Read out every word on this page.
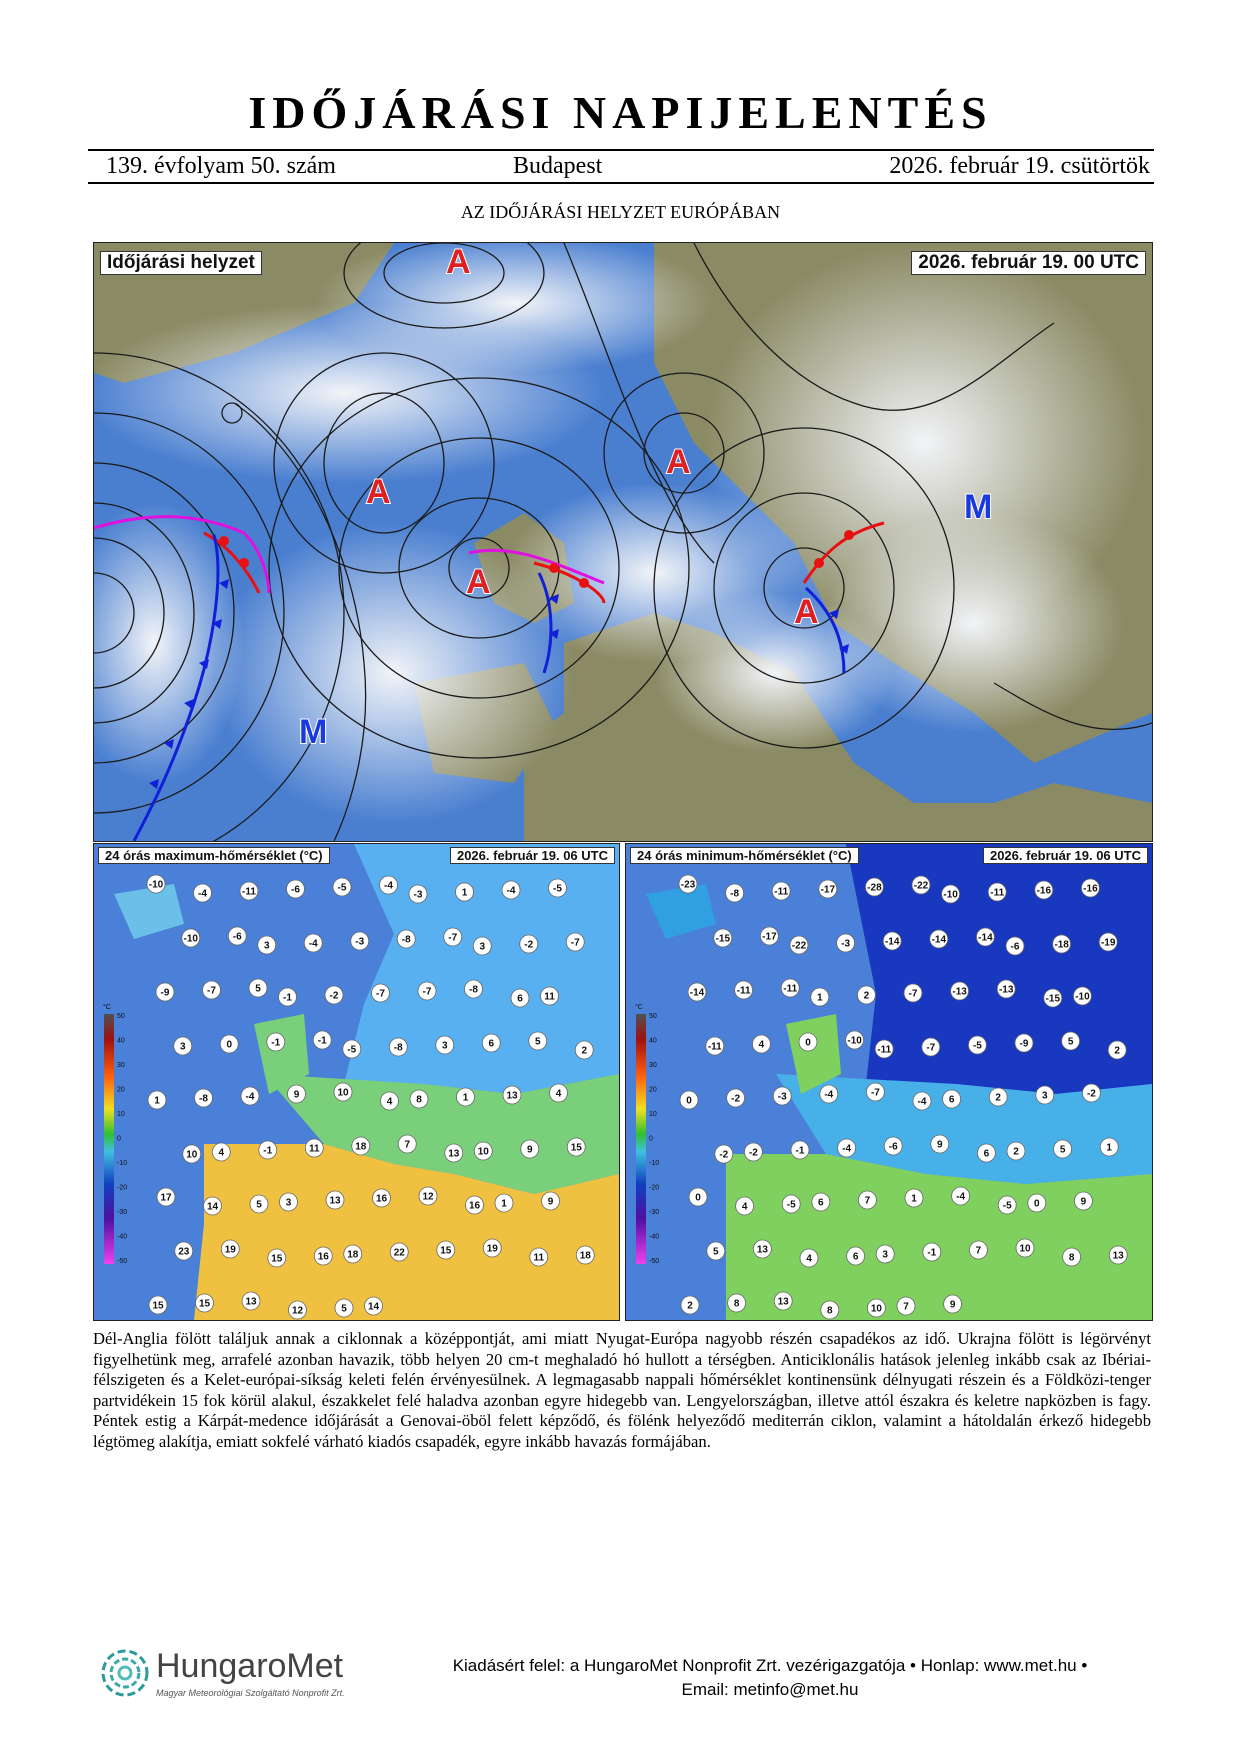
IDŐJÁRÁSI NAPIJELENTÉS
139. évfolyam 50. szám	Budapest	2026. február 19. csütörtök
AZ IDŐJÁRÁSI HELYZET EURÓPÁBAN
A
A
A
A
A
M
M
Időjárási helyzet	2026. február 19. 00 UTC
°C
50
40
30
20
10
0
-10
-20
-30
-40
-50
-10
-4	-11	-6	-5	-4
-3	1	-4	-5
-10	-6
3	-4	-3	-8	-7
3	-2	-7
-9	-7	5
-1	-2	-7	-7	-8
6 11
3	0	-1	-1
-5	-8	3	6	5
2
1	-8	-4	9	10
4 8	1	13	4
10 4	-1	11	18	7
13 10	9	15
17
14	5 3	13	16	12
16 1	9
23	19
15	16 18	22	15	19
11	18
15	15	13
12	5 14
24 órás maximum-hőmérséklet (°C)	2026. február 19. 06 UTC
°C
50
40
30
20
10
0
-10
-20
-30
-40
-50
-23
-8	-11	-17	-28	-22
-10	-11	-16	-16
-15	-17
-22	-3	-14	-14	-14
-6	-18	-19
-14	-11	-11
1	2	-7	-13	-13
-15 -10
-11	4	0	-10
-11	-7	-5	-9	5
2
0	-2	-3	-4	-7
-4 6	2	3	-2
-2 -2	-1	-4	-6	9
6 2	5	1
0
4	-5 6	7	1	-4
-5 0	9
5	13
4	6 3	-1	7	10
8	13
2	8	13
8	10 7	9
24 órás minimum-hőmérséklet (°C)	2026. február 19. 06 UTC
Dél-Anglia fölött találjuk annak a ciklonnak a középpontját, ami miatt Nyugat-Európa nagyobb részén csapadékos az idő. Ukrajna fölött is légörvényt figyelhetünk meg, arrafelé azonban havazik, több helyen 20 cm-t meghaladó hó hullott a térségben. Anticiklonális hatások jelenleg inkább csak az Ibériai-félszigeten és a Kelet-európai-síkság keleti felén érvényesülnek. A legmagasabb nappali hőmérséklet kontinensünk délnyugati részein és a Földközi-tenger partvidékein 15 fok körül alakul, északkelet felé haladva azonban egyre hidegebb van. Lengyelországban, illetve attól északra és keletre napközben is fagy. Péntek estig a Kárpát-medence időjárását a Genovai-öböl felett képződő, és fölénk helyeződő mediterrán ciklon, valamint a hátoldalán érkező hidegebb légtömeg alakítja, emiatt sokfelé várható kiadós csapadék, egyre inkább havazás formájában.
HungaroMet
Magyar Meteorológiai Szolgáltató Nonprofit Zrt.
Kiadásért felel: a HungaroMet Nonprofit Zrt. vezérigazgatója • Honlap: www.met.hu •
Email: metinfo@met.hu
